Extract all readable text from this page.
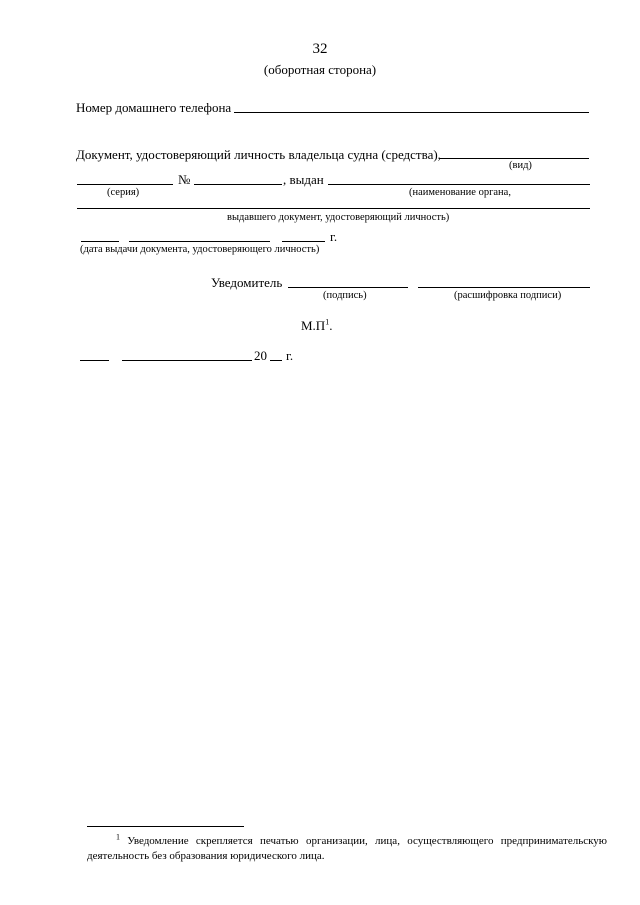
32
(оборотная сторона)
Номер домашнего телефона
Документ, удостоверяющий личность владельца судна (средства),
(вид)
№	, выдан
(серия)	(наименование органа,
выдавшего документ, удостоверяющий личность)
г.
(дата выдачи документа, удостоверяющего личность)
Уведомитель
(подпись)	(расшифровка подписи)
$М.П^1$.
20 г.
$^1$ Уведомление скрепляется печатью организации, лица, осуществляющего предпринимательскую
деятельность без образования юридического лица.
